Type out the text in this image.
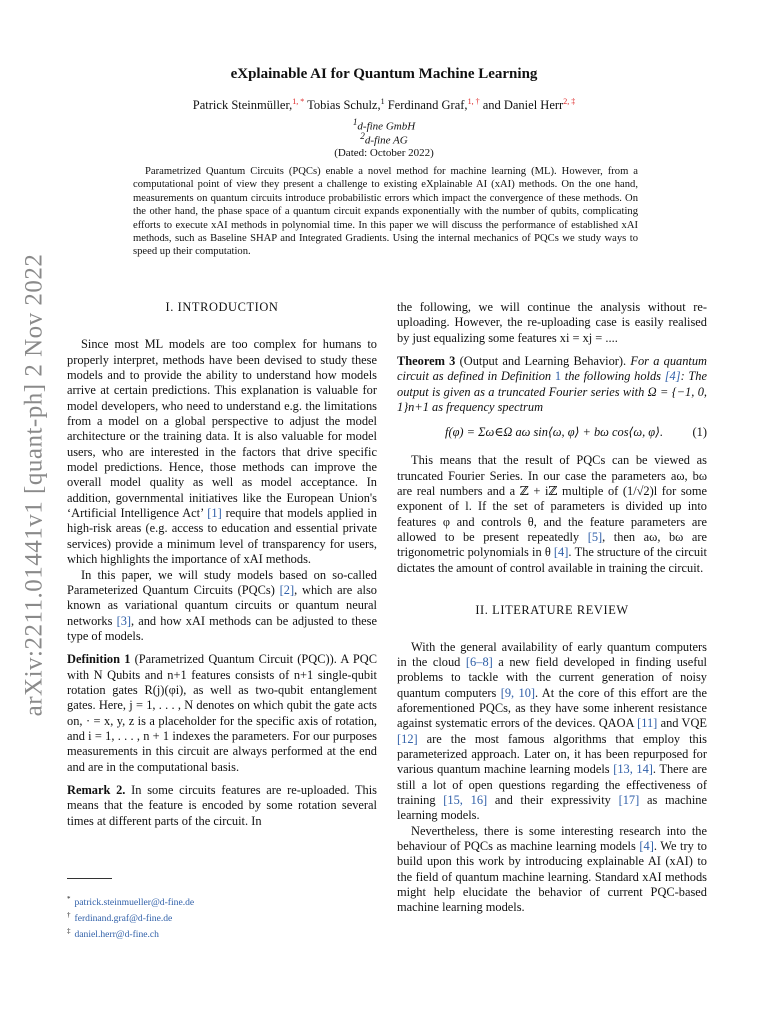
arXiv:2211.01441v1 [quant-ph] 2 Nov 2022
eXplainable AI for Quantum Machine Learning
Patrick Steinmüller,$^{1, *}$ Tobias Schulz,$^1$ Ferdinand Graf,$^{1, \dagger}$ and Daniel Herr$^{2, \ddagger}$
$^1$d-fine GmbH
$^2$d-fine AG
(Dated: October 2022)

Parametrized Quantum Circuits (PQCs) enable a novel method for machine learning (ML). However, from a computational point of view they present a challenge to existing eXplainable AI (xAI) methods. On the one hand, measurements on quantum circuits introduce probabilistic errors which impact the convergence of these methods. On the other hand, the phase space of a quantum circuit expands exponentially with the number of qubits, complicating efforts to execute xAI methods in polynomial time. In this paper we will discuss the performance of established xAI methods, such as Baseline SHAP and Integrated Gradients. Using the internal mechanics of PQCs we study ways to speed up their computation.

I. INTRODUCTION

Since most ML models are too complex for humans to properly interpret, methods have been devised to study these models and to provide the ability to understand how models arrive at certain predictions. This explanation is valuable for model developers, who need to understand e.g. the limitations from a model on a global perspective to adjust the model architecture or the training data. It is also valuable for model users, who are interested in the factors that drive specific model predictions. Hence, those methods can improve the overall model quality as well as model acceptance. In addition, governmental initiatives like the European Union's ‘Artificial Intelligence Act’ [1] require that models applied in high-risk areas (e.g. access to education and essential private services) provide a minimum level of transparency for users, which highlights the importance of xAI methods.

In this paper, we will study models based on so-called Parameterized Quantum Circuits (PQCs) [2], which are also known as variational quantum circuits or quantum neural networks [3], and how xAI methods can be adjusted to these type of models.

Definition 1 (Parametrized Quantum Circuit (PQC)). A PQC with N Qubits and n+1 features consists of n+1 single-qubit rotation gates R(j)(φi), as well as two-qubit entanglement gates. Here, j = 1, . . . , N denotes on which qubit the gate acts on, · = x, y, z is a placeholder for the specific axis of rotation, and i = 1, . . . , n + 1 indexes the parameters. For our purposes measurements in this circuit are always performed at the end and are in the computational basis.

Remark 2. In some circuits features are re-uploaded. This means that the feature is encoded by some rotation several times at different parts of the circuit. In

* patrick.steinmueller@d-fine.de
† ferdinand.graf@d-fine.de
‡ daniel.herr@d-fine.ch

the following, we will continue the analysis without re-uploading. However, the re-uploading case is easily realised by just equalizing some features xi = xj = ....

Theorem 3 (Output and Learning Behavior). For a quantum circuit as defined in Definition 1 the following holds [4]: The output is given as a truncated Fourier series with Ω = {−1, 0, 1}n+1 as frequency spectrum

f(φ) = Σω∈Ω aω sin⟨ω, φ⟩ + bω cos⟨ω, φ⟩. (1)

This means that the result of PQCs can be viewed as truncated Fourier Series. In our case the parameters aω, bω are real numbers and a ℤ + iℤ multiple of (1/√2)l for some exponent of l. If the set of parameters is divided up into features φ and controls θ, and the feature parameters are allowed to be present repeatedly [5], then aω, bω are trigonometric polynomials in θ [4]. The structure of the circuit dictates the amount of control available in training the circuit.

II. LITERATURE REVIEW

With the general availability of early quantum computers in the cloud [6–8] a new field developed in finding useful problems to tackle with the current generation of noisy quantum computers [9, 10]. At the core of this effort are the aforementioned PQCs, as they have some inherent resistance against systematic errors of the devices. QAOA [11] and VQE [12] are the most famous algorithms that employ this parameterized approach. Later on, it has been repurposed for various quantum machine learning models [13, 14]. There are still a lot of open questions regarding the effectiveness of training [15, 16] and their expressivity [17] as machine learning models.

Nevertheless, there is some interesting research into the behaviour of PQCs as machine learning models [4]. We try to build upon this work by introducing explainable AI (xAI) to the field of quantum machine learning. Standard xAI methods might help elucidate the behavior of current PQC-based machine learning models.
